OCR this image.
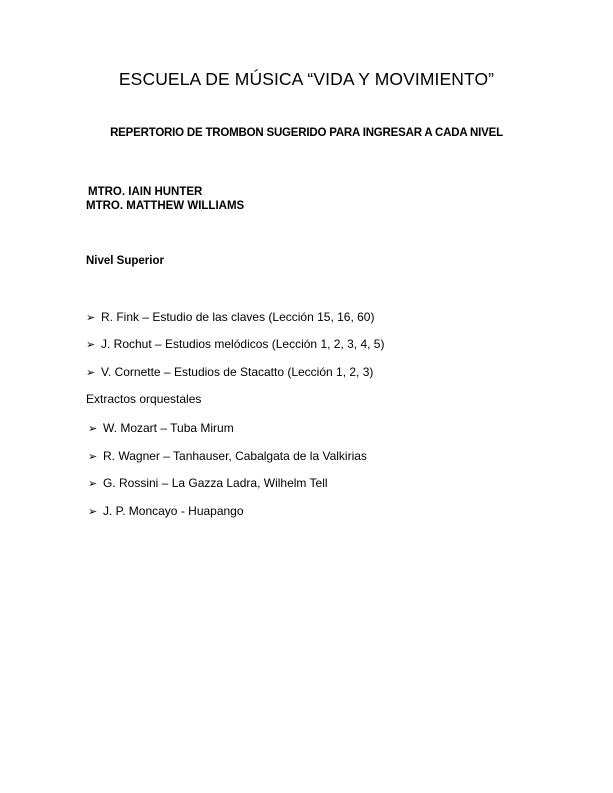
ESCUELA DE MÚSICA “VIDA Y MOVIMIENTO”
REPERTORIO DE TROMBON SUGERIDO PARA INGRESAR A CADA NIVEL
MTRO. IAIN HUNTER
MTRO. MATTHEW WILLIAMS
Nivel Superior
➢ R. Fink – Estudio de las claves (Lección 15, 16, 60)
➢ J. Rochut – Estudios melódicos (Lección 1, 2, 3, 4, 5)
➢ V. Cornette – Estudios de Stacatto (Lección 1, 2, 3)
Extractos orquestales
➢ W. Mozart – Tuba Mirum
➢ R. Wagner – Tanhauser, Cabalgata de la Valkirias
➢ G. Rossini – La Gazza Ladra, Wilhelm Tell
➢ J. P. Moncayo - Huapango
